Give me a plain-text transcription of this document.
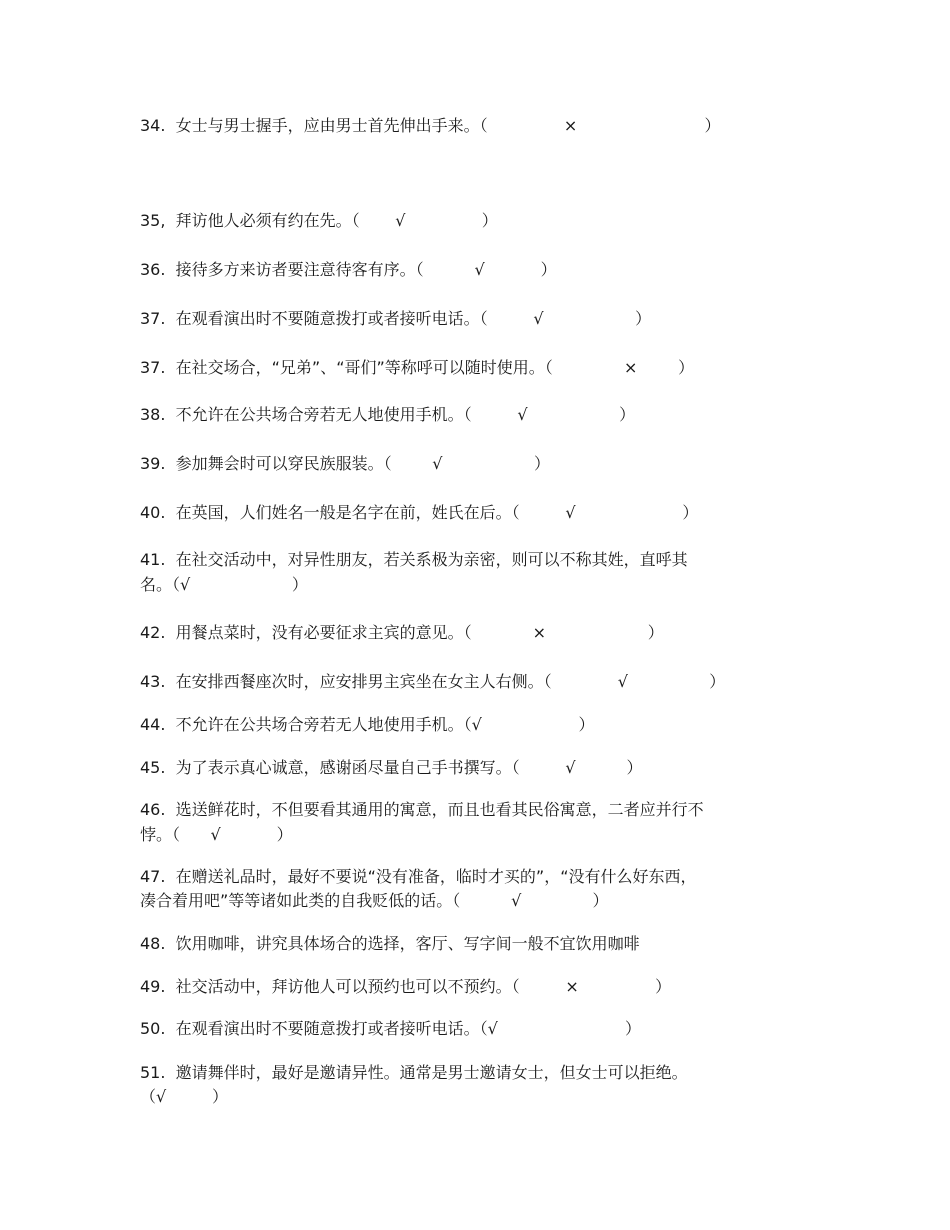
34.  女士与男士握手，应由男士首先伸出手来。（               ×                         ）
35,  拜访他人必须有约在先。（       √               ）
36.  接待多方来访者要注意待客有序。（          √           ）
37.  在观看演出时不要随意拨打或者接听电话。（         √                  ）
37.  在社交场合，“兄弟”、“哥们”等称呼可以随时使用。（              ×        ）
38.  不允许在公共场合旁若无人地使用手机。（         √                  ）
39.  参加舞会时可以穿民族服装。（        √                  ）
40.  在英国，人们姓名一般是名字在前，姓氏在后。（         √                     ）
41.  在社交活动中，对异性朋友，若关系极为亲密，则可以不称其姓，直呼其
名。（√                    ）
42.  用餐点菜时，没有必要征求主宾的意见。（            ×                    ）
43.  在安排西餐座次时，应安排男主宾坐在女主人右侧。（             √                ）
44.  不允许在公共场合旁若无人地使用手机。（√                   ）
45.  为了表示真心诚意，感谢函尽量自己手书撰写。（         √          ）
46.  选送鲜花时，不但要看其通用的寓意，而且也看其民俗寓意，二者应并行不
悖。（      √           ）
47.  在赠送礼品时，最好不要说“没有准备，临时才买的”，“没有什么好东西，
凑合着用吧”等等诸如此类的自我贬低的话。（          √              ）
48.  饮用咖啡，讲究具体场合的选择，客厅、写字间一般不宜饮用咖啡
49.  社交活动中，拜访他人可以预约也可以不预约。（         ×               ）
50.  在观看演出时不要随意拨打或者接听电话。（√                         ）
51.  邀请舞伴时，最好是邀请异性。通常是男士邀请女士，但女士可以拒绝。
（√         ）
